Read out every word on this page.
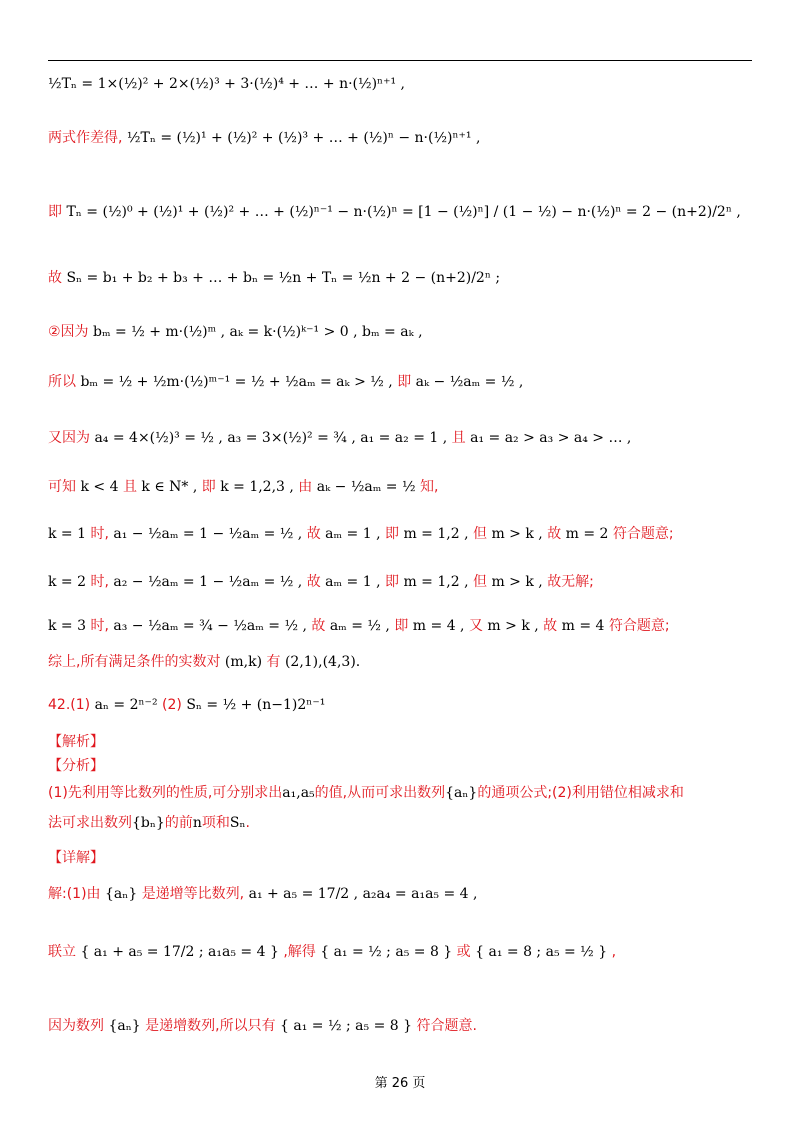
½Tₙ = 1×(½)² + 2×(½)³ + 3·(½)⁴ + … + n·(½)ⁿ⁺¹ ,
两式作差得, ½Tₙ = (½)¹ + (½)² + (½)³ + … + (½)ⁿ − n·(½)ⁿ⁺¹ ,
即 Tₙ = (½)⁰ + (½)¹ + (½)² + … + (½)ⁿ⁻¹ − n·(½)ⁿ = [1 − (½)ⁿ] / (1 − ½) − n·(½)ⁿ = 2 − (n+2)/2ⁿ ,
故 Sₙ = b₁ + b₂ + b₃ + … + bₙ = ½n + Tₙ = ½n + 2 − (n+2)/2ⁿ ;
②因为 bₘ = ½ + m·(½)ᵐ , aₖ = k·(½)ᵏ⁻¹ > 0 , bₘ = aₖ ,
所以 bₘ = ½ + ½m·(½)ᵐ⁻¹ = ½ + ½aₘ = aₖ > ½ , 即 aₖ − ½aₘ = ½ ,
又因为 a₄ = 4×(½)³ = ½ , a₃ = 3×(½)² = ¾ , a₁ = a₂ = 1 , 且 a₁ = a₂ > a₃ > a₄ > … ,
可知 k < 4 且 k ∈ N* , 即 k = 1,2,3 , 由 aₖ − ½aₘ = ½ 知,
k = 1 时, a₁ − ½aₘ = 1 − ½aₘ = ½ , 故 aₘ = 1 , 即 m = 1,2 , 但 m > k , 故 m = 2 符合题意;
k = 2 时, a₂ − ½aₘ = 1 − ½aₘ = ½ , 故 aₘ = 1 , 即 m = 1,2 , 但 m > k , 故无解;
k = 3 时, a₃ − ½aₘ = ¾ − ½aₘ = ½ , 故 aₘ = ½ , 即 m = 4 , 又 m > k , 故 m = 4 符合题意;
综上,所有满足条件的实数对 (m,k) 有 (2,1),(4,3).
42.(1) aₙ = 2ⁿ⁻² (2) Sₙ = ½ + (n−1)2ⁿ⁻¹
【解析】
【分析】
(1)先利用等比数列的性质,可分别求出a₁,a₅的值,从而可求出数列{aₙ}的通项公式;(2)利用错位相减求和
法可求出数列{bₙ}的前n项和Sₙ.
【详解】
解:(1)由 {aₙ} 是递增等比数列, a₁ + a₅ = 17/2 , a₂a₄ = a₁a₅ = 4 ,
联立 { a₁ + a₅ = 17/2 ; a₁a₅ = 4 } ,解得 { a₁ = ½ ; a₅ = 8 } 或 { a₁ = 8 ; a₅ = ½ } ,
因为数列 {aₙ} 是递增数列,所以只有 { a₁ = ½ ; a₅ = 8 } 符合题意.
第 26 页
